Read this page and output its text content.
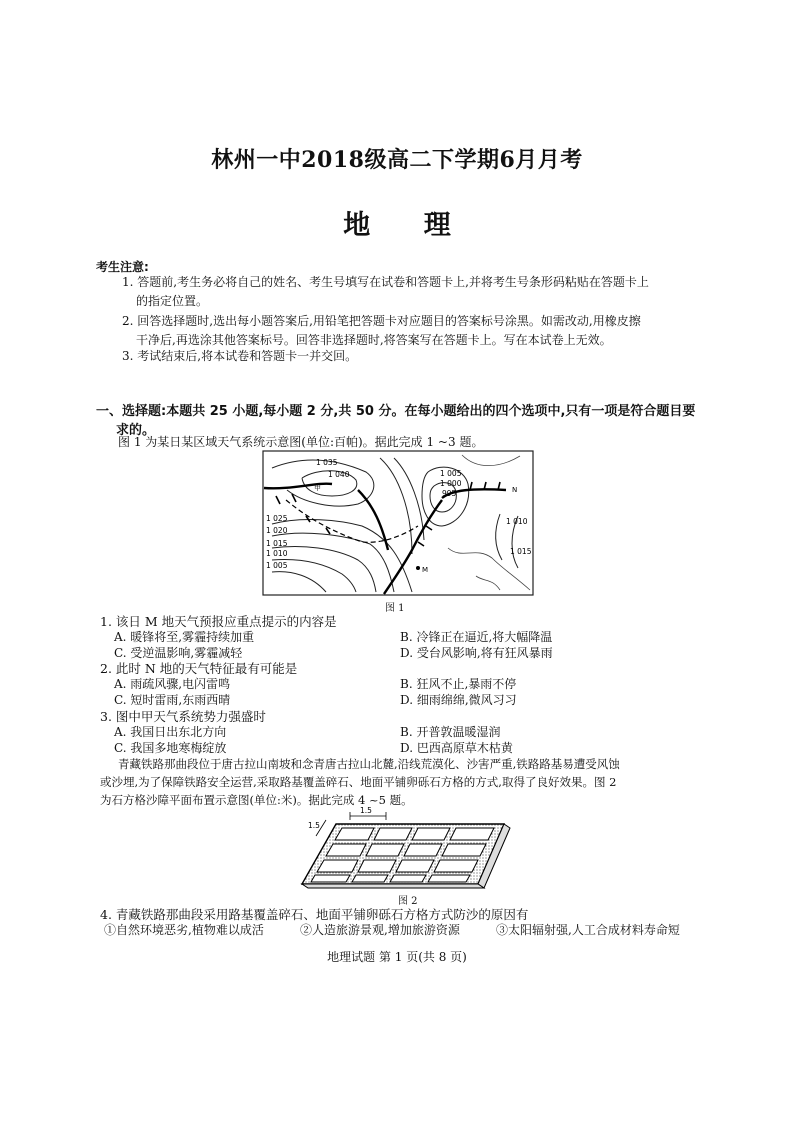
林州一中2018级高二下学期6月月考
地 理
考生注意:
1. 答题前,考生务必将自己的姓名、考生号填写在试卷和答题卡上,并将考生号条形码粘贴在答题卡上
的指定位置。
2. 回答选择题时,选出每小题答案后,用铅笔把答题卡对应题目的答案标号涂黑。如需改动,用橡皮擦
干净后,再选涂其他答案标号。回答非选择题时,将答案写在答题卡上。写在本试卷上无效。
3. 考试结束后,将本试卷和答题卡一并交回。
一、选择题:本题共 25 小题,每小题 2 分,共 50 分。在每小题给出的四个选项中,只有一项是符合题目要
求的。
图 1 为某日某区域天气系统示意图(单位:百帕)。据此完成 1 ~3 题。
1 035
1 040
甲
1 005
1 000
995	N
1 025
1 020
1 015
1 010
1 005
1 010
1 015
M
图 1
1. 该日 M 地天气预报应重点提示的内容是
A. 暖锋将至,雾霾持续加重	B. 冷锋正在逼近,将大幅降温
C. 受逆温影响,雾霾减轻	D. 受台风影响,将有狂风暴雨
2. 此时 N 地的天气特征最有可能是
A. 雨疏风骤,电闪雷鸣	B. 狂风不止,暴雨不停
C. 短时雷雨,东雨西晴	D. 细雨绵绵,微风习习
3. 图中甲天气系统势力强盛时
A. 我国日出东北方向	B. 开普敦温暖湿润
C. 我国多地寒梅绽放	D. 巴西高原草木枯黄
青藏铁路那曲段位于唐古拉山南坡和念青唐古拉山北麓,沿线荒漠化、沙害严重,铁路路基易遭受风蚀
或沙埋,为了保障铁路安全运营,采取路基覆盖碎石、地面平铺卵砾石方格的方式,取得了良好效果。图 2
为石方格沙障平面布置示意图(单位:米)。据此完成 4 ~5 题。
1.5
1.5
图 2
4. 青藏铁路那曲段采用路基覆盖碎石、地面平铺卵砾石方格方式防沙的原因有
①自然环境恶劣,植物难以成活	②人造旅游景观,增加旅游资源	③太阳辐射强,人工合成材料寿命短
地理试题 第 1 页(共 8 页)
